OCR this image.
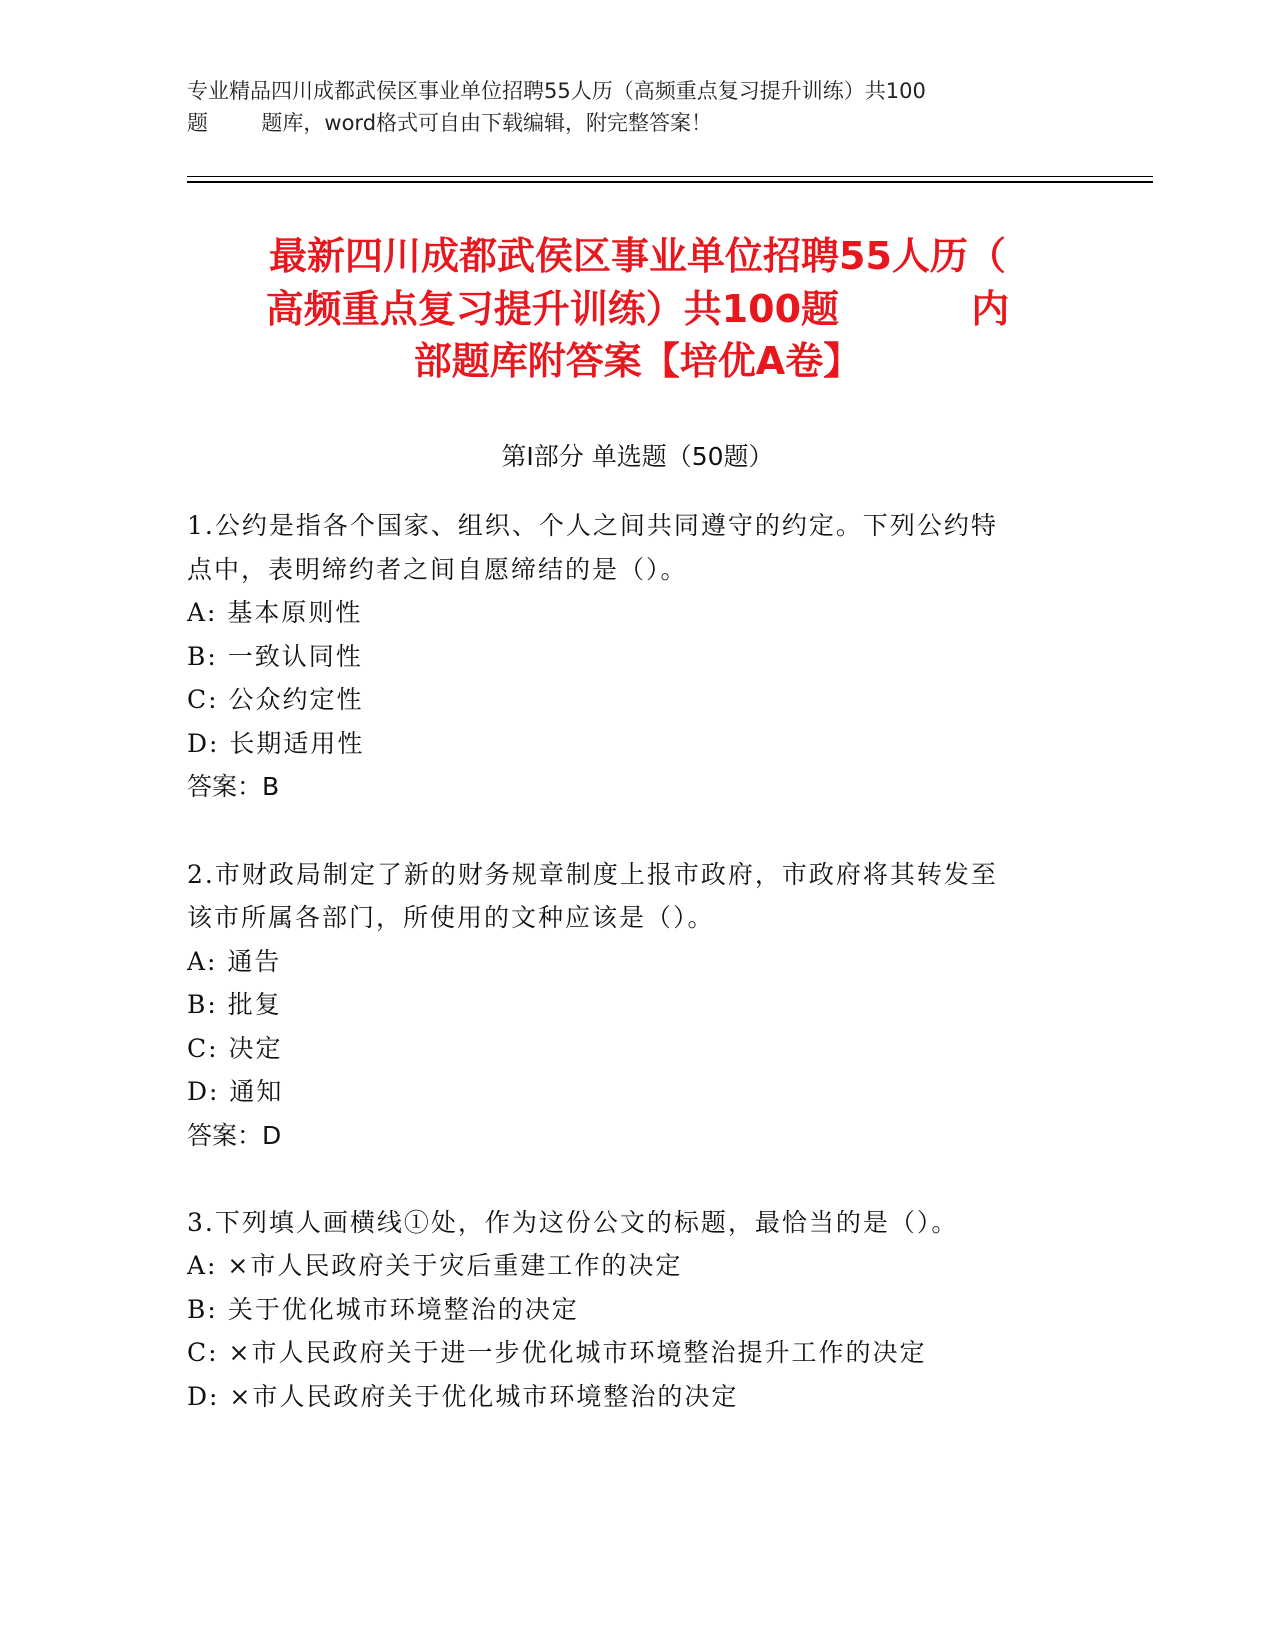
专业精品四川成都武侯区事业单位招聘55人历（高频重点复习提升训练）共100
题        题库，word格式可自由下载编辑，附完整答案！
最新四川成都武侯区事业单位招聘55人历（
高频重点复习提升训练）共100题          内
部题库附答案【培优A卷】
第Ⅰ部分 单选题（50题）
1.公约是指各个国家、组织、个人之间共同遵守的约定。下列公约特
点中，表明缔约者之间自愿缔结的是（）。
A: 基本原则性
B: 一致认同性
C: 公众约定性
D: 长期适用性
答案：B
2.市财政局制定了新的财务规章制度上报市政府，市政府将其转发至
该市所属各部门，所使用的文种应该是（）。
A: 通告
B: 批复
C: 决定
D: 通知
答案：D
3.下列填人画横线①处，作为这份公文的标题，最恰当的是（）。
A: ×市人民政府关于灾后重建工作的决定
B: 关于优化城市环境整治的决定
C: ×市人民政府关于进一步优化城市环境整治提升工作的决定
D: ×市人民政府关于优化城市环境整治的决定
